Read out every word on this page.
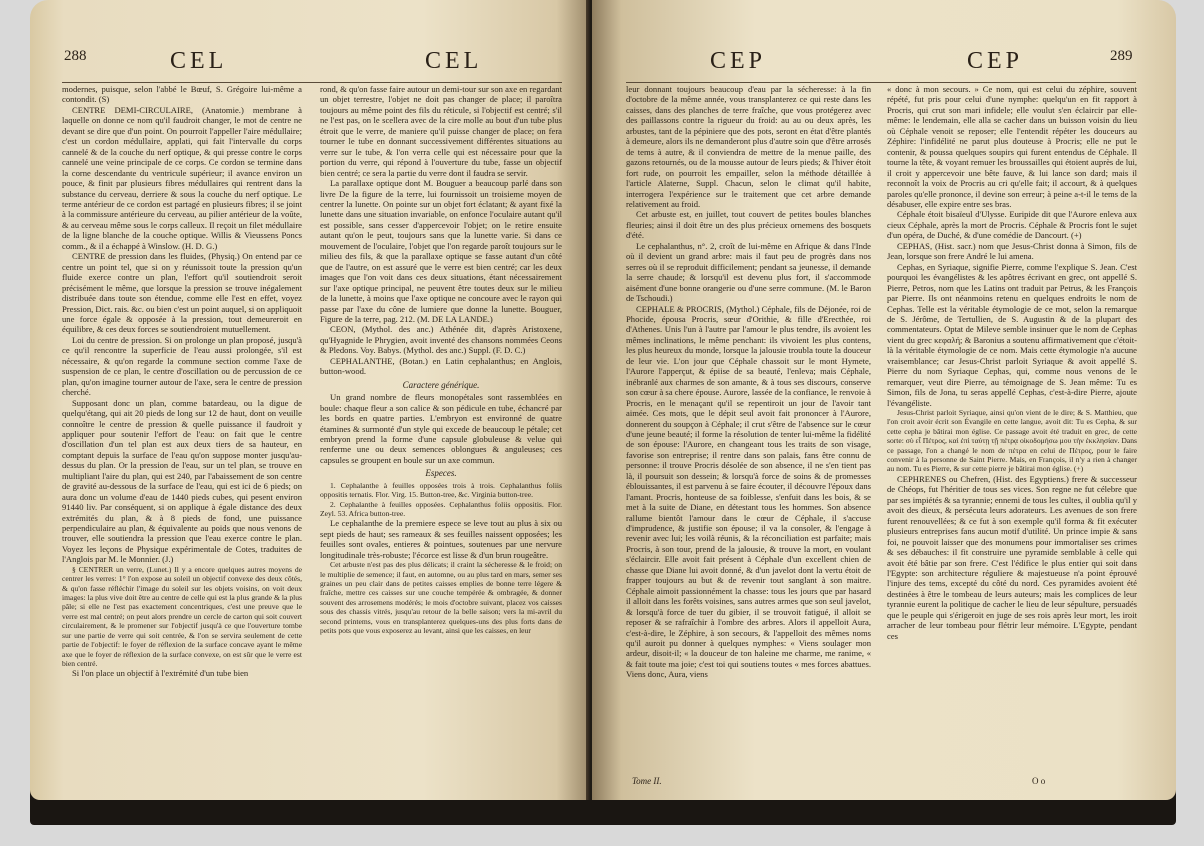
288	CEL	CEL

modernes, puisque, selon l'abbé le Bœuf, S. Grégoire lui-même a contondit. (S)

CENTRE DEMI-CIRCULAIRE, (Anatomie.) membrane à laquelle on donne ce nom qu'il faudroit changer, le mot de centre ne devant se dire que d'un point. On pourroit l'appeller l'aire médullaire; c'est un cordon médullaire, applati, qui fait l'intervalle du corps cannelé & de la couche du nerf optique, & qui presse contre le corps cannelé une veine principale de ce corps. Ce cordon se termine dans la corne descendante du ventricule supérieur; il avance environ un pouce, & finit par plusieurs fibres médullaires qui rentrent dans la substance du cerveau, derriere & sous la couche du nerf optique. Le terme antérieur de ce cordon est partagé en plusieurs fibres; il se joint à la commissure antérieure du cerveau, au pilier antérieur de la voûte, & au cerveau même sous le corps calleux. Il reçoit un filet médullaire de la ligne blanche de la couche optique. Willis & Vieussens Poncs comm., & il a échappé à Winslow. (H. D. G.)

CENTRE de pression dans les fluides, (Physiq.) On entend par ce centre un point tel, que si on y réunissoit toute la pression qu'un fluide exerce contre un plan, l'effort qu'il soutiendroit seroit précisément le même, que lorsque la pression se trouve inégalement distribuée dans toute son étendue, comme elle l'est en effet, voyez Pression, Dict. rais. &c. ou bien c'est un point auquel, si on appliquoit une force égale & opposée à la pression, tout demeureroit en équilibre, & ces deux forces se soutiendroient mutuellement.

Loi du centre de pression. Si on prolonge un plan proposé, jusqu'à ce qu'il rencontre la superficie de l'eau aussi prolongée, s'il est nécessaire, & qu'on regarde la commune section comme l'axe de suspension de ce plan, le centre d'oscillation ou de percussion de ce plan, qu'on imagine tourner autour de l'axe, sera le centre de pression cherché.

Supposant donc un plan, comme batardeau, ou la digue de quelqu'étang, qui ait 20 pieds de long sur 12 de haut, dont on veuille connoître le centre de pression & quelle puissance il faudroit y appliquer pour soutenir l'effort de l'eau: on fait que le centre d'oscillation d'un tel plan est aux deux tiers de sa hauteur, en comptant depuis la surface de l'eau qu'on suppose monter jusqu'au-dessus du plan. Or la pression de l'eau, sur un tel plan, se trouve en multipliant l'aire du plan, qui est 240, par l'abaissement de son centre de gravité au-dessous de la surface de l'eau, qui est ici de 6 pieds; on aura donc un volume d'eau de 1440 pieds cubes, qui pesent environ 91440 liv. Par conséquent, si on applique à égale distance des deux extrémités du plan, & à 8 pieds de fond, une puissance perpendiculaire au plan, & équivalente au poids que nous venons de trouver, elle soutiendra la pression que l'eau exerce contre le plan. Voyez les leçons de Physique expérimentale de Cotes, traduites de l'Anglois par M. le Monnier. (J.)

§ CENTRER un verre, (Lunet.) Il y a encore quelques autres moyens de centrer les verres: 1° l'on expose au soleil un objectif convexe des deux côtés, & qu'on fasse réfléchir l'image du soleil sur les objets voisins, on voit deux images: la plus vive doit être au centre de celle qui est la plus grande & la plus pâle; si elle ne l'est pas exactement concentriques, c'est une preuve que le verre est mal centré; on peut alors prendre un cercle de carton qui soit couvert circulairement, & le promener sur l'objectif jusqu'à ce que l'ouverture tombe sur une partie de verre qui soit centrée, & l'on se servira seulement de cette partie de l'objectif: le foyer de réflexion de la surface concave ayant le même axe que le foyer de réflexion de la surface convexe, on est sûr que le verre est bien centré.

Si l'on place un objectif à l'extrémité d'un tube bien

rond, & qu'on fasse faire autour un demi-tour sur son axe en regardant un objet terrestre, l'objet ne doit pas changer de place; il paroîtra toujours au même point des fils du réticule, si l'objectif est centré; s'il ne l'est pas, on le scellera avec de la cire molle au bout d'un tube plus étroit que le verre, de maniere qu'il puisse changer de place; on fera tourner le tube en donnant successivement différentes situations au verre sur le tube, & l'on verra celle qui est nécessaire pour que la portion du verre, qui répond à l'ouverture du tube, fasse un objectif bien centré; ce sera la partie du verre dont il faudra se servir.

La parallaxe optique dont M. Bouguer a beaucoup parlé dans son livre De la figure de la terre, lui fournissoit un troisieme moyen de centrer la lunette. On pointe sur un objet fort éclatant; & ayant fixé la lunette dans une situation invariable, on enfonce l'oculaire autant qu'il est possible, sans cesser d'appercevoir l'objet; on le retire ensuite autant qu'on le peut, toujours sans que la lunette varie. Si dans ce mouvement de l'oculaire, l'objet que l'on regarde paroît toujours sur le milieu des fils, & que la parallaxe optique se fasse autant d'un côté que de l'autre, on est assuré que le verre est bien centré; car les deux images que l'on voit dans ces deux situations, étant nécessairement sur l'axe optique principal, ne peuvent être toutes deux sur le milieu de la lunette, à moins que l'axe optique ne concoure avec le rayon qui passe par l'axe du cône de lumiere que donne la lunette. Bouguer, Figure de la terre, pag. 212. (M. DE LA LANDE.)

CEON, (Mythol. des anc.) Athénée dit, d'après Aristoxene, qu'Hyagnide le Phrygien, avoit inventé des chansons nommées Ceons & Pledons. Voy. Babys. (Mythol. des anc.) Suppl. (F. D. C.)

CEPHALANTHE, (Botan.) en Latin cephalanthus; en Anglois, button-wood.

Caractere générique.

Un grand nombre de fleurs monopétales sont rassemblées en boule: chaque fleur a son calice & son pédicule en tube, échancré par les bords en quatre parties. L'embryon est environné de quatre étamines & surmonté d'un style qui excede de beaucoup le pétale; cet embryon prend la forme d'une capsule globuleuse & velue qui renferme une ou deux semences oblongues & anguleuses; ces capsules se groupent en boule sur un axe commun.

Especes.

1. Cephalanthe à feuilles opposées trois à trois. Cephalanthus foliis oppositis ternatis. Flor. Virg. 15. Button-tree, &c. Virginia button-tree.

2. Cephalanthe à feuilles opposées. Cephalanthus foliis oppositis. Flor. Zeyl. 53. Africa button-tree.

Le cephalanthe de la premiere espece se leve tout au plus à six ou sept pieds de haut; ses rameaux & ses feuilles naissent opposées; les feuilles sont ovales, entieres & pointues, soutenues par une nervure longitudinale très-robuste; l'écorce est lisse & d'un brun rougeâtre.

Cet arbuste n'est pas des plus délicats; il craint la sécheresse & le froid; on le multiplie de semence; il faut, en automne, ou au plus tard en mars, semer ses graines un peu clair dans de petites caisses emplies de bonne terre légere & fraîche, mettre ces caisses sur une couche tempérée & ombragée, & donner souvent des arrosemens modérés; le mois d'octobre suivant, placez vos caisses sous des chassis vitrés, jusqu'au retour de la belle saison; vers la mi-avril du second printems, vous en transplanterez quelques-uns des plus forts dans de petits pots que vous exposerez au levant, ainsi que les caisses, en leur

CEP	CEP	289

leur donnant toujours beaucoup d'eau par la sécheresse: à la fin d'octobre de la même année, vous transplanterez ce qui reste dans les caisses, dans des planches de terre fraîche, que vous protégerez avec des paillassons contre la rigueur du froid: au au ou deux après, les arbustes, tant de la pépiniere que des pots, seront en état d'être plantés à demeure, alors ils ne demanderont plus d'autre soin que d'être arrosés de tems à autre, & il conviendra de mettre de la menue paille, des gazons retournés, ou de la mousse autour de leurs pieds; & l'hiver étoit fort rude, on pourroit les empailler, selon la méthode détaillée à l'article Alaterne, Suppl. Chacun, selon le climat qu'il habite, interrogera l'expérience sur le traitement que cet arbre demande relativement au froid.

Cet arbuste est, en juillet, tout couvert de petites boules blanches fleuries; ainsi il doit être un des plus précieux ornemens des bosquets d'été.

Le cephalanthus, n°. 2, croît de lui-même en Afrique & dans l'Inde où il devient un grand arbre: mais il faut peu de progrès dans nos serres où il se reproduit difficilement; pendant sa jeunesse, il demande la serre chaude; & lorsqu'il est devenu plus fort, il s'accommode aisément d'une bonne orangerie ou d'une serre commune. (M. le Baron de Tschoudi.)

CEPHALE & PROCRIS, (Mythol.) Céphale, fils de Déjonée, roi de Phocide, épousa Procris, sœur d'Orithie, & fille d'Erecthée, roi d'Athenes. Unis l'un à l'autre par l'amour le plus tendre, ils avoient les mêmes inclinations, le même penchant: ils vivoient les plus contens, les plus heureux du monde, lorsque la jalousie troubla toute la douceur de leur vie. L'on jour que Céphale chassoit sur le mont Hymete, l'Aurore l'apperçut, & épiise de sa beauté, l'enleva; mais Céphale, inébranlé aux charmes de son amante, & à tous ses discours, conserve son cœur à sa chere épouse. Aurore, lassée de la confiance, le renvoie à Procris, en le menaçant qu'il se repentiroit un jour de l'avoir tant aimée. Ces mots, que le dépit seul avoit fait prononcer à l'Aurore, donnerent du soupçon à Céphale; il crut s'être de l'absence sur le cœur d'une jeune beauté; il forme la résolution de tenter lui-même la fidélité de son épouse: l'Aurore, en changeant tous les traits de son visage, favorise son entreprise; il rentre dans son palais, fans être connu de personne: il trouve Procris désolée de son absence, il ne s'en tient pas là, il poursuit son dessein; & lorsqu'à force de soins & de promesses éblouissantes, il est parvenu à se faire écouter, il découvre l'époux dans l'amant. Procris, honteuse de sa foiblesse, s'enfuit dans les bois, & se met à la suite de Diane, en détestant tous les hommes. Son absence rallume bientôt l'amour dans le cœur de Céphale, il s'accuse d'imprudence, & justifie son épouse; il va la consoler, & l'engage à revenir avec lui; les voilà réunis, & la réconciliation est parfaite; mais Procris, à son tour, prend de la jalousie, & trouve la mort, en voulant s'éclaircir. Elle avoit fait présent à Céphale d'un excellent chien de chasse que Diane lui avoit donné, & d'un javelot dont la vertu étoit de frapper toujours au but & de revenir tout sanglant à son maitre. Céphale aimoit passionnément la chasse: tous les jours que par hasard il alloit dans les forêts voisines, sans autres armes que son seul javelot, & lorsqu'à force de tuer du gibier, il se trouvoit fatigué, il alloit se reposer & se rafraîchir à l'ombre des arbres. Alors il appelloit Aura, c'est-à-dire, le Zéphire, à son secours, & l'appelloit des mêmes noms qu'il auroit pu donner à quelques nymphes: « Viens soulager mon ardeur, disoit-il; « la douceur de ton haleine me charme, me ranime, « & fait toute ma joie; c'est toi qui soutiens toutes « mes forces abattues. Viens donc, Aura, viens

Tome II.

« donc à mon secours. » Ce nom, qui est celui du zéphire, souvent répété, fut pris pour celui d'une nymphe: quelqu'un en fit rapport à Procris, qui crut son mari infidele; elle voulut s'en éclaircir par elle-même: le lendemain, elle alla se cacher dans un buisson voisin du lieu où Céphale venoit se reposer; elle l'entendit répéter les douceurs au Zéphire: l'infidélité ne parut plus douteuse à Procris; elle ne put le contenir, & poussa quelques soupirs qui furent entendus de Céphale. Il tourne la tête, & voyant remuer les broussailles qui étoient auprès de lui, il croit y appercevoir une bête fauve, & lui lance son dard; mais il reconnoît la voix de Procris au cri qu'elle fait; il accourt, & à quelques paroles qu'elle prononce, il devine son erreur; à peine a-t-il le tems de la désabuser, elle expire entre ses bras.

Céphale étoit bisaïeul d'Ulysse. Euripide dit que l'Aurore enleva aux cieux Céphale, après la mort de Procris. Céphale & Procris font le sujet d'un opéra, de Duché, & d'une comédie de Dancourt. (+)

CEPHAS, (Hist. sacr.) nom que Jesus-Christ donna à Simon, fils de Jean, lorsque son frere André le lui amena.

Cephas, en Syriaque, signifie Pierre, comme l'explique S. Jean. C'est pourquoi les évangélistes & les apôtres écrivant en grec, ont appellé S. Pierre, Petros, nom que les Latins ont traduit par Petrus, & les François par Pierre. Ils ont néanmoins retenu en quelques endroits le nom de Cephas. Telle est la véritable étymologie de ce mot, selon la remarque de S. Jérôme, de Tertullien, de S. Augustin & de la plupart des commentateurs. Optat de Mileve semble insinuer que le nom de Cephas vient du grec κεφαλή; & Baronius a soutenu affirmativement que c'étoit-là la véritable étymologie de ce nom. Mais cette étymologie n'a aucune vraisemblance; car Jesus-Christ parloit Syriaque & avoit appellé S. Pierre du nom Syriaque Cephas, qui, comme nous venons de le remarquer, veut dire Pierre, au témoignage de S. Jean même: Tu es Simon, fils de Jona, tu seras appellé Cephas, c'est-à-dire Pierre, ajoute l'évangéliste.

Jesus-Christ parloit Syriaque, ainsi qu'on vient de le dire; & S. Matthieu, que l'on croit avoir écrit son Évangile en cette langue, avoit dit: Tu es Cepha, & sur cette cepha je bâtirai mon église. Ce passage avoit été traduit en grec, de cette sorte: σὺ εἶ Πέτρος, καὶ ἐπὶ ταύτῃ τῇ πέτρᾳ οἰκοδομήσω μου τὴν ἐκκλησίαν. Dans ce passage, l'on a changé le nom de πέτρα en celui de Πέτρος, pour le faire convenir à la personne de Saint Pierre. Mais, en François, il n'y a rien à changer au nom. Tu es Pierre, & sur cette pierre je bâtirai mon église. (+)

CEPHRENES ou Chefren, (Hist. des Egyptiens.) frere & successeur de Chéops, fut l'héritier de tous ses vices. Son regne ne fut célebre que par ses impiétés & sa tyrannie; ennemi de tous les cultes, il oublia qu'il y avoit des dieux, & persécuta leurs adorateurs. Les avenues de son frere furent renouvellées; & ce fut à son exemple qu'il forma & fit exécuter plusieurs entreprises fans aucun motif d'utilité. Un prince impie & sans foi, ne pouvoit laisser que des monumens pour immortaliser ses crimes & ses débauches: il fit construire une pyramide semblable à celle qui avoit été bâtie par son frere. C'est l'édifice le plus entier qui soit dans l'Egypte: son architecture réguliere & majestueuse n'a point éprouvé l'injure des tems, excepté du côté du nord. Ces pyramides avoient été destinées à être le tombeau de leurs auteurs; mais les complices de leur tyrannie eurent la politique de cacher le lieu de leur sépulture, persuadés que le peuple qui s'érigeroit en juge de ses rois après leur mort, les iroit arracher de leur tombeau pour flétrir leur mémoire. L'Egypte, pendant ces

O o
